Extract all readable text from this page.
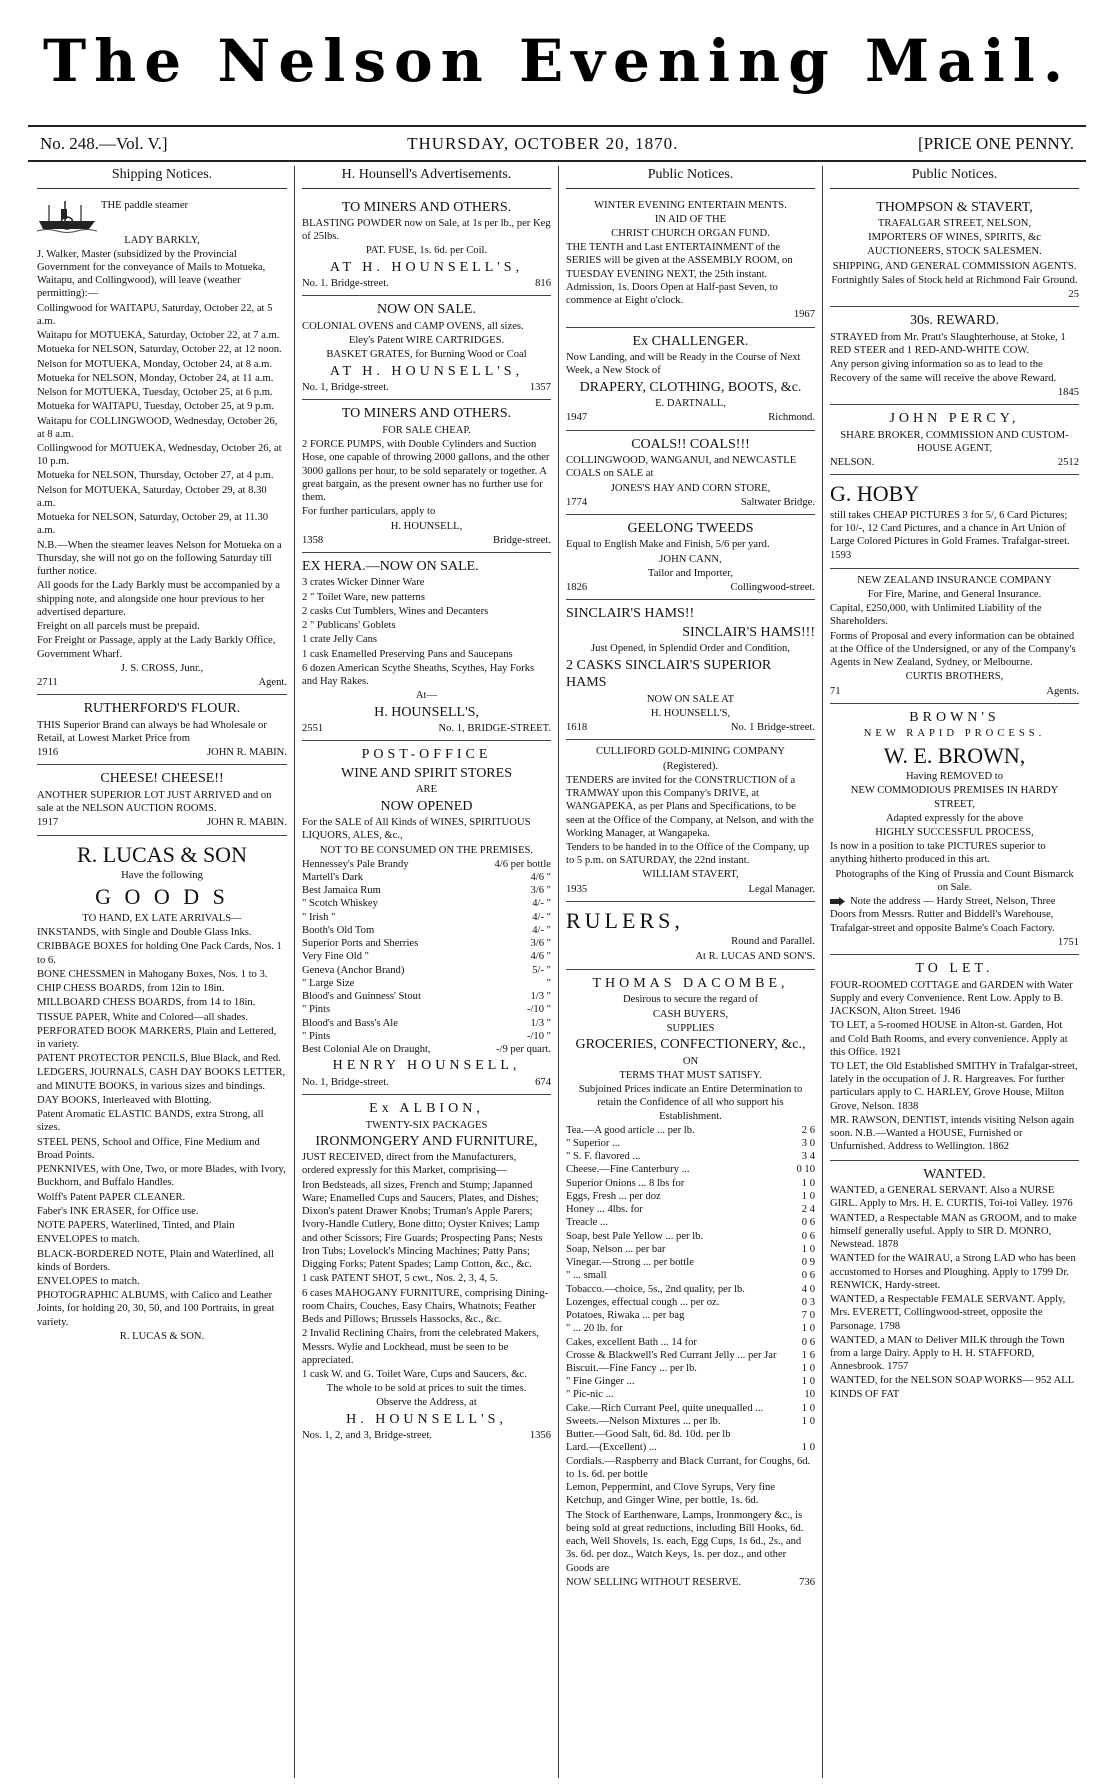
The Nelson Evening Mail.
No. 248.—Vol. V.]	THURSDAY, OCTOBER 20, 1870.	[PRICE ONE PENNY.
Shipping Notices.
THE paddle steamer
LADY BARKLY,
J. Walker, Master (subsidized by the Provincial Government for the conveyance of Mails to Motueka, Waitapu, and Collingwood), will leave (weather permitting):—
Collingwood for WAITAPU, Saturday, October 22, at 5 a.m.
Waitapu for MOTUEKA, Saturday, October 22, at 7 a.m.
Motueka for NELSON, Saturday, October 22, at 12 noon.
Nelson for MOTUEKA, Monday, October 24, at 8 a.m.
Motueka for NELSON, Monday, October 24, at 11 a.m.
Nelson for MOTUEKA, Tuesday, October 25, at 6 p.m.
Motueka for WAITAPU, Tuesday, October 25, at 9 p.m.
Waitapu for COLLINGWOOD, Wednesday, October 26, at 8 a.m.
Collingwood for MOTUEKA, Wednesday, October 26, at 10 p.m.
Motueka for NELSON, Thursday, October 27, at 4 p.m.
Nelson for MOTUEKA, Saturday, October 29, at 8.30 a.m.
Motueka for NELSON, Saturday, October 29, at 11.30 a.m.
N.B.—When the steamer leaves Nelson for Motueka on a Thursday, she will not go on the following Saturday till further notice.
All goods for the Lady Barkly must be accompanied by a shipping note, and alongside one hour previous to her advertised departure.
Freight on all parcels must be prepaid.
For Freight or Passage, apply at the Lady Barkly Office, Government Wharf.
J. S. CROSS, Junr.,
2711	Agent.
RUTHERFORD'S FLOUR.
THIS Superior Brand can always be had Wholesale or Retail, at Lowest Market Price from
1916	JOHN R. MABIN.
CHEESE! CHEESE!!
ANOTHER SUPERIOR LOT JUST ARRIVED and on sale at the NELSON AUCTION ROOMS.
1917	JOHN R. MABIN.
R. LUCAS & SON
Have the following
G O O D S
TO HAND, EX LATE ARRIVALS—
INKSTANDS, with Single and Double Glass Inks.
CRIBBAGE BOXES for holding One Pack Cards, Nos. 1 to 6.
BONE CHESSMEN in Mahogany Boxes, Nos. 1 to 3.
CHIP CHESS BOARDS, from 12in to 18in.
MILLBOARD CHESS BOARDS, from 14 to 18in.
TISSUE PAPER, White and Colored—all shades.
PERFORATED BOOK MARKERS, Plain and Lettered, in variety.
PATENT PROTECTOR PENCILS, Blue Black, and Red.
LEDGERS, JOURNALS, CASH DAY BOOKS LETTER, and MINUTE BOOKS, in various sizes and bindings.
DAY BOOKS, Interleaved with Blotting.
Patent Aromatic ELASTIC BANDS, extra Strong, all sizes.
STEEL PENS, School and Office, Fine Medium and Broad Points.
PENKNIVES, with One, Two, or more Blades, with Ivory, Buckhorn, and Buffalo Handles.
Wolff's Patent PAPER CLEANER.
Faber's INK ERASER, for Office use.
NOTE PAPERS, Waterlined, Tinted, and Plain
ENVELOPES to match.
BLACK-BORDERED NOTE, Plain and Waterlined, all kinds of Borders.
ENVELOPES to match.
PHOTOGRAPHIC ALBUMS, with Calico and Leather Joints, for holding 20, 30, 50, and 100 Portraits, in great variety.
R. LUCAS & SON.
H. Hounsell's Advertisements.
TO MINERS AND OTHERS.
BLASTING POWDER now on Sale, at 1s per lb., per Keg of 25lbs.
PAT. FUSE, 1s. 6d. per Coil.
AT H. HOUNSELL'S,
No. 1. Bridge-street.	816
NOW ON SALE.
COLONIAL OVENS and CAMP OVENS, all sizes.
Eley's Patent WIRE CARTRIDGES.
BASKET GRATES, for Burning Wood or Coal
AT H. HOUNSELL'S,
No. 1, Bridge-street.	1357
TO MINERS AND OTHERS.
FOR SALE CHEAP.
2 FORCE PUMPS, with Double Cylinders and Suction Hose, one capable of throwing 2000 gallons, and the other 3000 gallons per hour, to be sold separately or together. A great bargain, as the present owner has no further use for them.
For further particulars, apply to
H. HOUNSELL,
1358	Bridge-street.
EX HERA.—NOW ON SALE.
3 crates Wicker Dinner Ware
2 " Toilet Ware, new patterns
2 casks Cut Tumblers, Wines and Decanters
2 " Publicans' Goblets
1 crate Jelly Cans
1 cask Enamelled Preserving Pans and Saucepans
6 dozen American Scythe Sheaths, Scythes, Hay Forks and Hay Rakes.
At—
H. HOUNSELL'S,
2551	No. 1, BRIDGE-STREET.
POST-OFFICE
WINE AND SPIRIT STORES
ARE
NOW OPENED
For the SALE of All Kinds of WINES, SPIRITUOUS LIQUORS, ALES, &c.,
NOT TO BE CONSUMED ON THE PREMISES.
Hennessey's Pale Brandy	4/6 per bottle
Martell's Dark	4/6 "
Best Jamaica Rum	3/6 "
" Scotch Whiskey	4/- "
" Irish "	4/- "
Booth's Old Tom	4/- "
Superior Ports and Sherries	3/6 "
Very Fine Old "	4/6 "
Geneva (Anchor Brand)	5/- "
" Large Size	"
Blood's and Guinness' Stout	1/3 "
" Pints	-/10 "
Blood's and Bass's Ale	1/3 "
" Pints	-/10 "
Best Colonial Ale on Draught,	-/9 per quart.
HENRY HOUNSELL,
No. 1, Bridge-street.	674
Ex ALBION,
TWENTY-SIX PACKAGES
IRONMONGERY AND FURNITURE,
JUST RECEIVED, direct from the Manufacturers, ordered expressly for this Market, comprising—
Iron Bedsteads, all sizes, French and Stump; Japanned Ware; Enamelled Cups and Saucers, Plates, and Dishes; Dixon's patent Drawer Knobs; Truman's Apple Parers; Ivory-Handle Cutlery, Bone ditto; Oyster Knives; Lamp and other Scissors; Fire Guards; Prospecting Pans; Nests Iron Tubs; Lovelock's Mincing Machines; Patty Pans; Digging Forks; Patent Spades; Lamp Cotton, &c., &c.
1 cask PATENT SHOT, 5 cwt., Nos. 2, 3, 4, 5.
6 cases MAHOGANY FURNITURE, comprising Dining-room Chairs, Couches, Easy Chairs, Whatnots; Feather Beds and Pillows; Brussels Hassocks, &c., &c.
2 Invalid Reclining Chairs, from the celebrated Makers, Messrs. Wylie and Lockhead, must be seen to be appreciated.
1 cask W. and G. Toilet Ware, Cups and Saucers, &c.
The whole to be sold at prices to suit the times.
Observe the Address, at
H. HOUNSELL'S,
Nos. 1, 2, and 3, Bridge-street.	1356
Public Notices.
WINTER EVENING ENTERTAIN MENTS.
IN AID OF THE
CHRIST CHURCH ORGAN FUND.
THE TENTH and Last ENTERTAINMENT of the SERIES will be given at the ASSEMBLY ROOM, on TUESDAY EVENING NEXT, the 25th instant. Admission, 1s. Doors Open at Half-past Seven, to commence at Eight o'clock.
1967
Ex CHALLENGER.
Now Landing, and will be Ready in the Course of Next Week, a New Stock of
DRAPERY, CLOTHING, BOOTS, &c.
E. DARTNALL,
1947	Richmond.
COALS!! COALS!!!
COLLINGWOOD, WANGANUI, and NEWCASTLE COALS on SALE at
JONES'S HAY AND CORN STORE,
1774	Saltwater Bridge.
GEELONG TWEEDS
Equal to English Make and Finish, 5/6 per yard.
JOHN CANN,
Tailor and Importer,
1826	Collingwood-street.
SINCLAIR'S HAMS!!
SINCLAIR'S HAMS!!!
Just Opened, in Splendid Order and Condition,
2 CASKS SINCLAIR'S SUPERIOR HAMS
NOW ON SALE AT
H. HOUNSELL'S,
1618	No. 1 Bridge-street.
CULLIFORD GOLD-MINING COMPANY
(Registered).
TENDERS are invited for the CONSTRUCTION of a TRAMWAY upon this Company's DRIVE, at WANGAPEKA, as per Plans and Specifications, to be seen at the Office of the Company, at Nelson, and with the Working Manager, at Wangapeka.
Tenders to be handed in to the Office of the Company, up to 5 p.m. on SATURDAY, the 22nd instant.
WILLIAM STAVERT,
1935	Legal Manager.
RULERS,
Round and Parallel.
At R. LUCAS AND SON'S.
THOMAS DACOMBE,
Desirous to secure the regard of
CASH BUYERS,
SUPPLIES
GROCERIES, CONFECTIONERY, &c.,
ON
TERMS THAT MUST SATISFY.
Subjoined Prices indicate an Entire Determination to retain the Confidence of all who support his Establishment.
Tea.—A good article ... per lb.	2 6
" Superior ...	3 0
" S. F. flavored ...	3 4
Cheese.—Fine Canterbury ...	0 10
Superior Onions ... 8 lbs for	1 0
Eggs, Fresh ... per doz	1 0
Honey ... 4lbs. for	2 4
Treacle ...	0 6
Soap, best Pale Yellow ... per lb.	0 6
Soap, Nelson ... per bar	1 0
Vinegar.—Strong ... per bottle	0 9
" ... small	0 6
Tobacco.—choice, 5s., 2nd quality, per lb.	4 0
Lozenges, effectual cough ... per oz.	0 3
Potatoes, Riwaka ... per bag	7 0
" ... 20 lb. for	1 0
Cakes, excellent Bath ... 14 for	0 6
Crosse & Blackwell's Red Currant Jelly ... per Jar 1 6
Biscuit.—Fine Fancy ... per lb.	1 0
" Fine Ginger ...	1 0
" Pic-nic ...	10
Cake.—Rich Currant Peel, quite unequalled ...	1 0
Sweets.—Nelson Mixtures ... per lb.	1 0
Butter.—Good Salt, 6d. 8d. 10d. per lb
Lard.—(Excellent) ...	1 0
Cordials.—Raspberry and Black Currant, for Coughs, 6d. to 1s. 6d. per bottle
Lemon, Peppermint, and Clove Syrups, Very fine Ketchup, and Ginger Wine, per bottle, 1s. 6d.
The Stock of Earthenware, Lamps, Ironmongery &c., is being sold at great reductions, including Bill Hooks, 6d. each, Well Shovels, 1s. each, Egg Cups, 1s 6d., 2s., and 3s. 6d. per doz., Watch Keys, 1s. per doz., and other Goods are
NOW SELLING WITHOUT RESERVE.	736
Public Notices.
THOMPSON & STAVERT,
TRAFALGAR STREET, NELSON,
IMPORTERS OF WINES, SPIRITS, &c
AUCTIONEERS, STOCK SALESMEN.
SHIPPING, AND GENERAL COMMISSION AGENTS.
Fortnightly Sales of Stock held at Richmond Fair Ground.
25
30s. REWARD.
STRAYED from Mr. Pratt's Slaughterhouse, at Stoke, 1 RED STEER and 1 RED-AND-WHITE COW.
Any person giving information so as to lead to the Recovery of the same will receive the above Reward.
1845
JOHN PERCY,
SHARE BROKER, COMMISSION AND CUSTOM-HOUSE AGENT,
NELSON.	2512
G. HOBY
still takes CHEAP PICTURES 3 for 5/, 6 Card Pictures; for 10/-, 12 Card Pictures, and a chance in Art Union of Large Colored Pictures in Gold Frames. Trafalgar-street.
1593
NEW ZEALAND INSURANCE COMPANY
For Fire, Marine, and General Insurance.
Capital, £250,000, with Unlimited Liability of the Shareholders.
Forms of Proposal and every information can be obtained at the Office of the Undersigned, or any of the Company's Agents in New Zealand, Sydney, or Melbourne.
CURTIS BROTHERS,
71	Agents.
BROWN'S
NEW RAPID PROCESS.
W. E. BROWN,
Having REMOVED to
NEW COMMODIOUS PREMISES IN HARDY STREET,
Adapted expressly for the above
HIGHLY SUCCESSFUL PROCESS,
Is now in a position to take PICTURES superior to anything hitherto produced in this art.
Photographs of the King of Prussia and Count Bismarck on Sale.
Note the address — Hardy Street, Nelson, Three Doors from Messrs. Rutter and Biddell's Warehouse, Trafalgar-street and opposite Balme's Coach Factory.
1751
TO LET.
FOUR-ROOMED COTTAGE and GARDEN with Water Supply and every Convenience. Rent Low. Apply to B. JACKSON, Alton Street. 1946
TO LET, a 5-roomed HOUSE in Alton-st. Garden, Hot and Cold Bath Rooms, and every convenience. Apply at this Office. 1921
TO LET, the Old Established SMITHY in Trafalgar-street, lately in the occupation of J. R. Hargreaves. For further particulars apply to C. HARLEY, Grove House, Milton Grove, Nelson. 1838
MR. RAWSON, DENTIST, intends visiting Nelson again soon. N.B.—Wanted a HOUSE, Furnished or Unfurnished. Address to Wellington. 1862
WANTED.
WANTED, a GENERAL SERVANT. Also a NURSE GIRL. Apply to Mrs. H. E. CURTIS, Toi-toi Valley. 1976
WANTED, a Respectable MAN as GROOM, and to make himself generally useful. Apply to SIR D. MONRO, Newstead. 1878
WANTED for the WAIRAU, a Strong LAD who has been accustomed to Horses and Ploughing. Apply to 1799 Dr. RENWICK, Hardy-street.
WANTED, a Respectable FEMALE SERVANT. Apply, Mrs. EVERETT, Collingwood-street, opposite the Parsonage. 1798
WANTED, a MAN to Deliver MILK through the Town from a large Dairy. Apply to H. H. STAFFORD, Annesbrook. 1757
WANTED, for the NELSON SOAP WORKS— 952 ALL KINDS OF FAT
